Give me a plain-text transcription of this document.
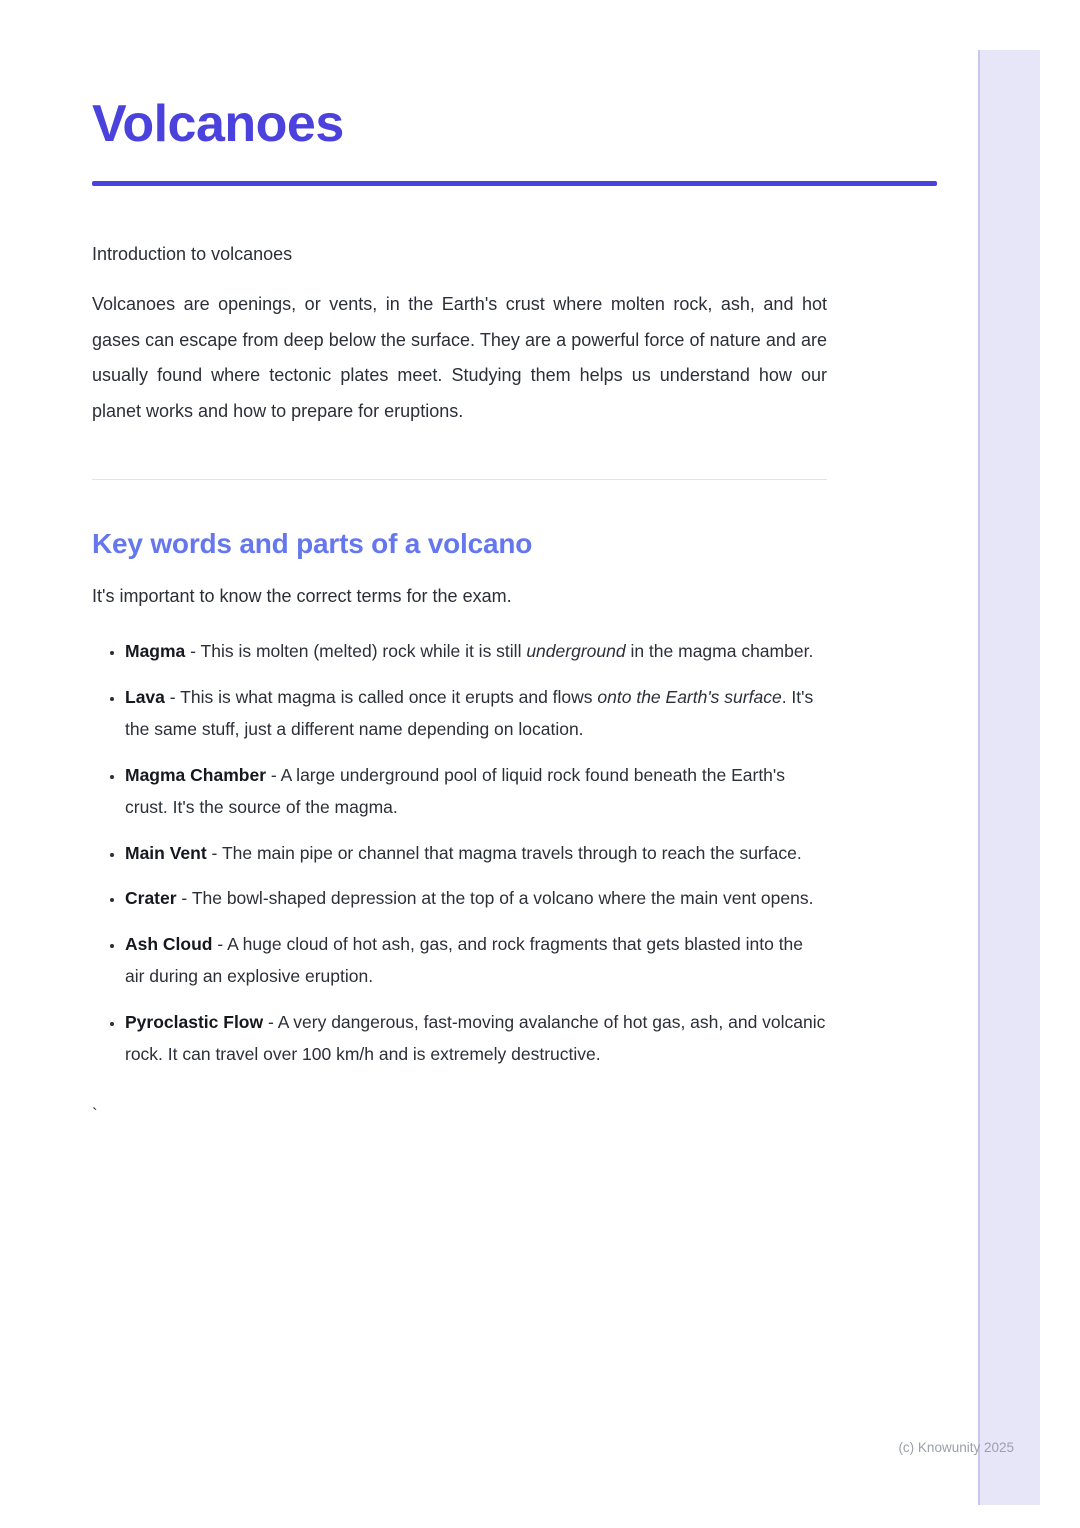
Volcanoes

Introduction to volcanoes

Volcanoes are openings, or vents, in the Earth's crust where molten rock, ash, and hot gases can escape from deep below the surface. They are a powerful force of nature and are usually found where tectonic plates meet. Studying them helps us understand how our planet works and how to prepare for eruptions.

Key words and parts of a volcano

It's important to know the correct terms for the exam.

• Magma - This is molten (melted) rock while it is still underground in the magma chamber.
• Lava - This is what magma is called once it erupts and flows onto the Earth's surface. It's the same stuff, just a different name depending on location.
• Magma Chamber - A large underground pool of liquid rock found beneath the Earth's crust. It's the source of the magma.
• Main Vent - The main pipe or channel that magma travels through to reach the surface.
• Crater - The bowl-shaped depression at the top of a volcano where the main vent opens.
• Ash Cloud - A huge cloud of hot ash, gas, and rock fragments that gets blasted into the air during an explosive eruption.
• Pyroclastic Flow - A very dangerous, fast-moving avalanche of hot gas, ash, and volcanic rock. It can travel over 100 km/h and is extremely destructive.

`

(c) Knowunity 2025
